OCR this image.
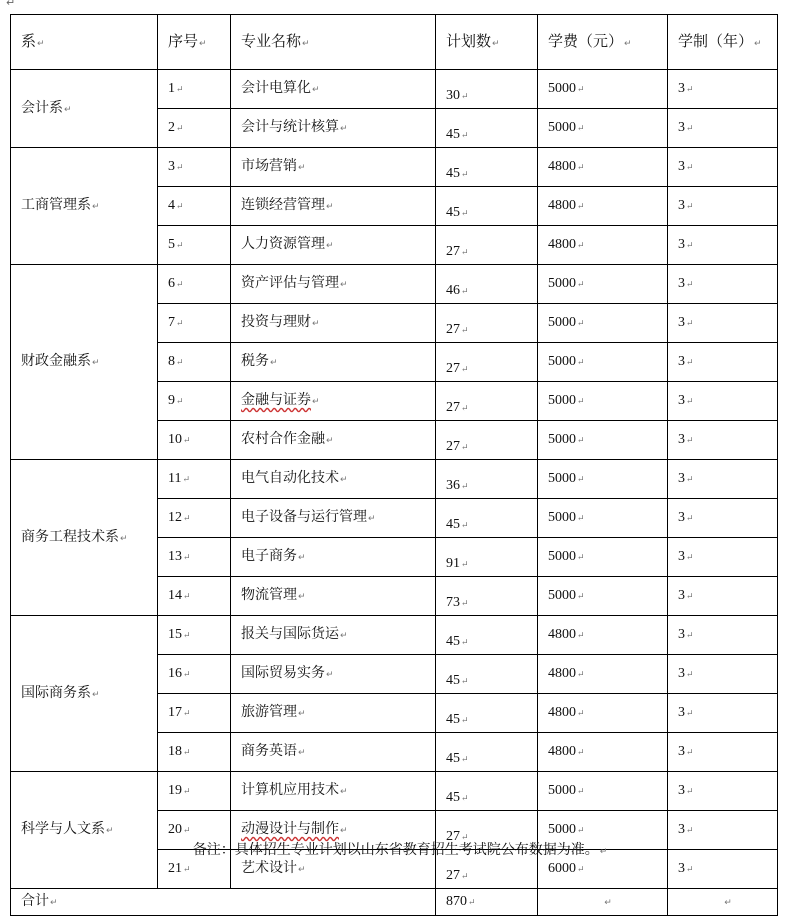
↵
系↵	序号↵	专业名称↵	计划数↵	学费（元）↵	学制（年）↵
会计系↵	1↵	会计电算化↵	30↵	5000↵	3↵
	2↵	会计与统计核算↵	45↵	5000↵	3↵
工商管理系↵	3↵	市场营销↵	45↵	4800↵	3↵
	4↵	连锁经营管理↵	45↵	4800↵	3↵
	5↵	人力资源管理↵	27↵	4800↵	3↵
财政金融系↵	6↵	资产评估与管理↵	46↵	5000↵	3↵
	7↵	投资与理财↵	27↵	5000↵	3↵
	8↵	税务↵	27↵	5000↵	3↵
	9↵	金融与证券↵	27↵	5000↵	3↵
	10↵	农村合作金融↵	27↵	5000↵	3↵
商务工程技术系↵	11↵	电气自动化技术↵	36↵	5000↵	3↵
	12↵	电子设备与运行管理↵	45↵	5000↵	3↵
	13↵	电子商务↵	91↵	5000↵	3↵
	14↵	物流管理↵	73↵	5000↵	3↵
国际商务系↵	15↵	报关与国际货运↵	45↵	4800↵	3↵
	16↵	国际贸易实务↵	45↵	4800↵	3↵
	17↵	旅游管理↵	45↵	4800↵	3↵
	18↵	商务英语↵	45↵	4800↵	3↵
科学与人文系↵	19↵	计算机应用技术↵	45↵	5000↵	3↵
	20↵	动漫设计与制作↵	27↵	5000↵	3↵
	21↵	艺术设计↵	27↵	6000↵	3↵
合计↵			870↵	↵	↵
备注：具体招生专业计划以山东省教育招生考试院公布数据为准。↵
